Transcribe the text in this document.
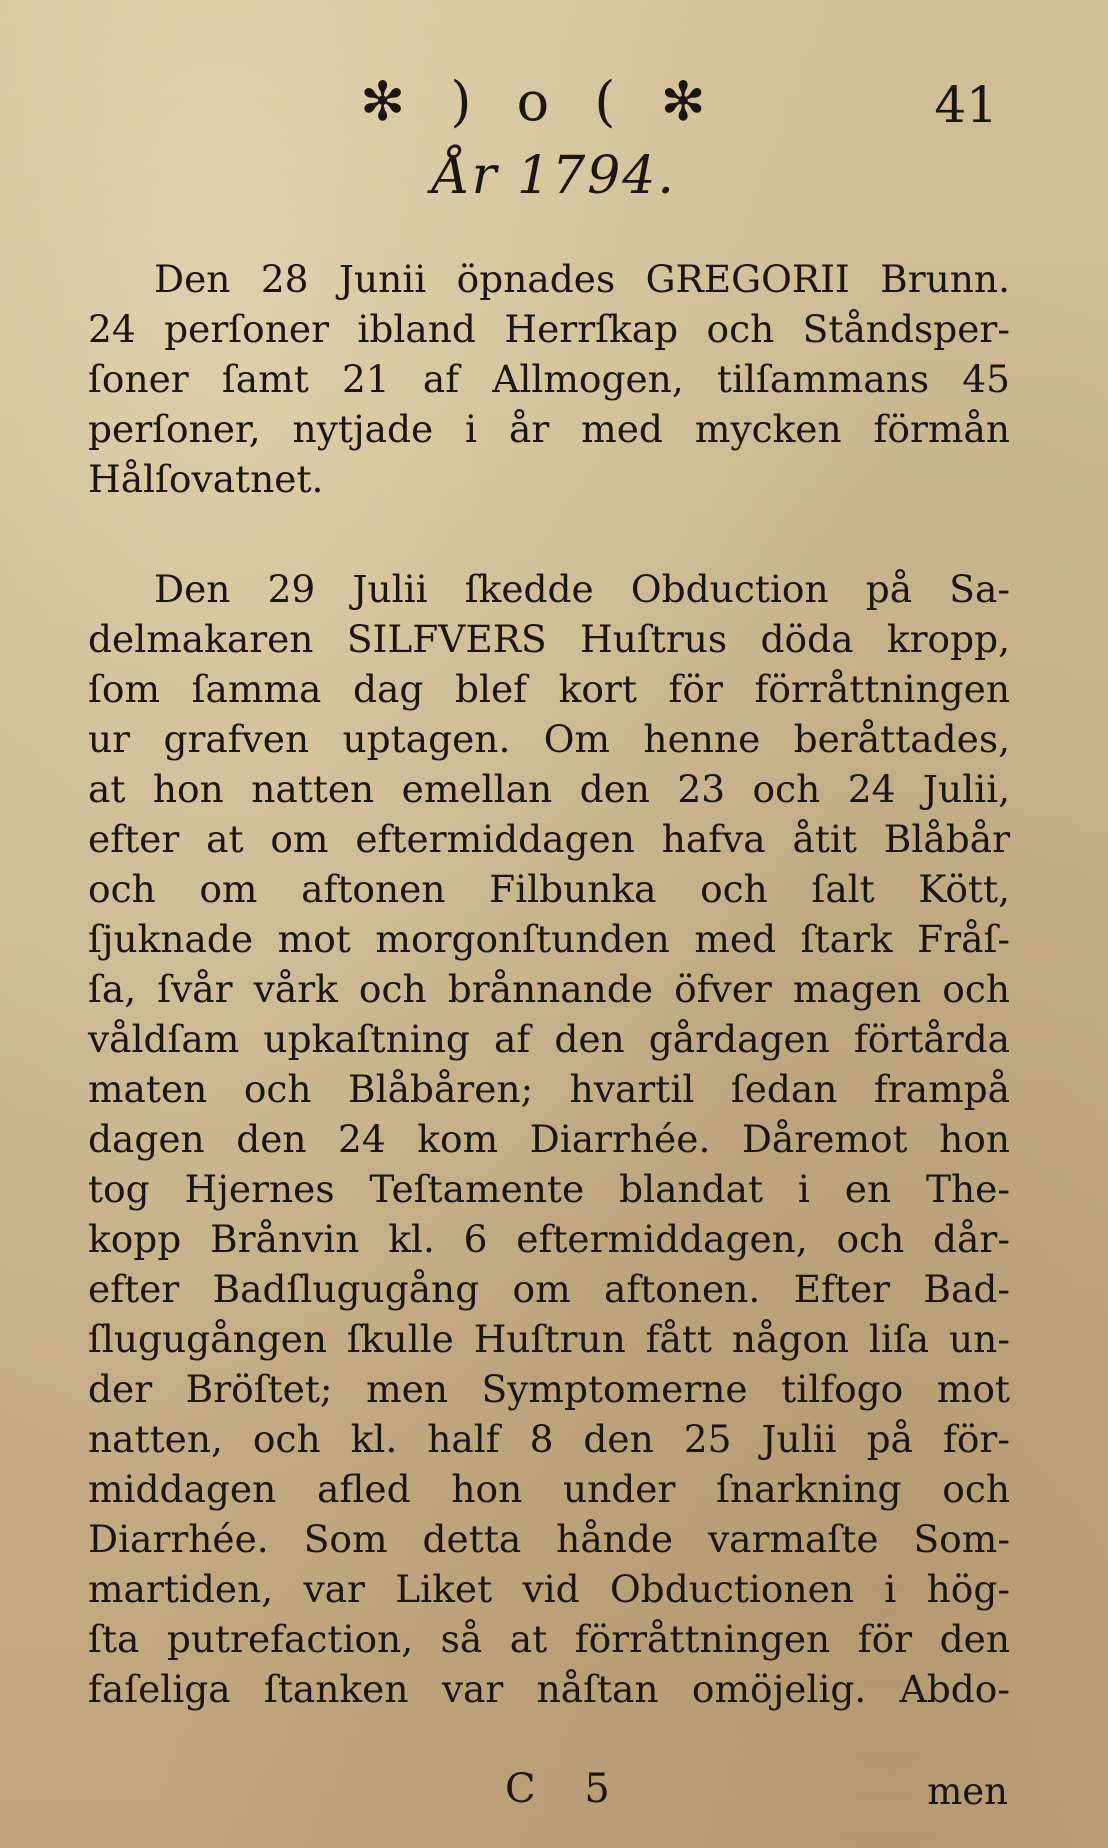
✻ ) o ( ✻	41
År 1794.

Den 28 Junii öpnades GREGORII Brunn.
24 perſoner ibland Herrſkap och Ståndsper-
ſoner ſamt 21 af Allmogen, tilſammans 45
perſoner, nytjade i år med mycken förmån
Hålſovatnet.

Den 29 Julii ſkedde Obduction på Sa-
delmakaren SILFVERS Huſtrus döda kropp,
ſom ſamma dag blef kort för förråttningen
ur grafven uptagen. Om henne beråttades,
at hon natten emellan den 23 och 24 Julii,
efter at om eftermiddagen hafva åtit Blåbår
och om aftonen Filbunka och ſalt Kött,
ſjuknade mot morgonſtunden med ſtark Fråſ-
ſa, ſvår vårk och brånnande öfver magen och
våldſam upkaſtning af den gårdagen förtårda
maten och Blåbåren; hvartil ſedan frampå
dagen den 24 kom Diarrhée. Dåremot hon
tog Hjernes Teſtamente blandat i en The-
kopp Brånvin kl. 6 eftermiddagen, och dår-
efter Badſlugugång om aftonen. Efter Bad-
ſlugugången ſkulle Huſtrun fått någon liſa un-
der Bröſtet; men Symptomerne tilfogo mot
natten, och kl. half 8 den 25 Julii på för-
middagen afled hon under ſnarkning och
Diarrhée. Som detta hånde varmaſte Som-
martiden, var Liket vid Obductionen i hög-
ſta putrefaction, så at förråttningen för den
faſeliga ſtanken var nåſtan omöjelig. Abdo-

C 5	men
